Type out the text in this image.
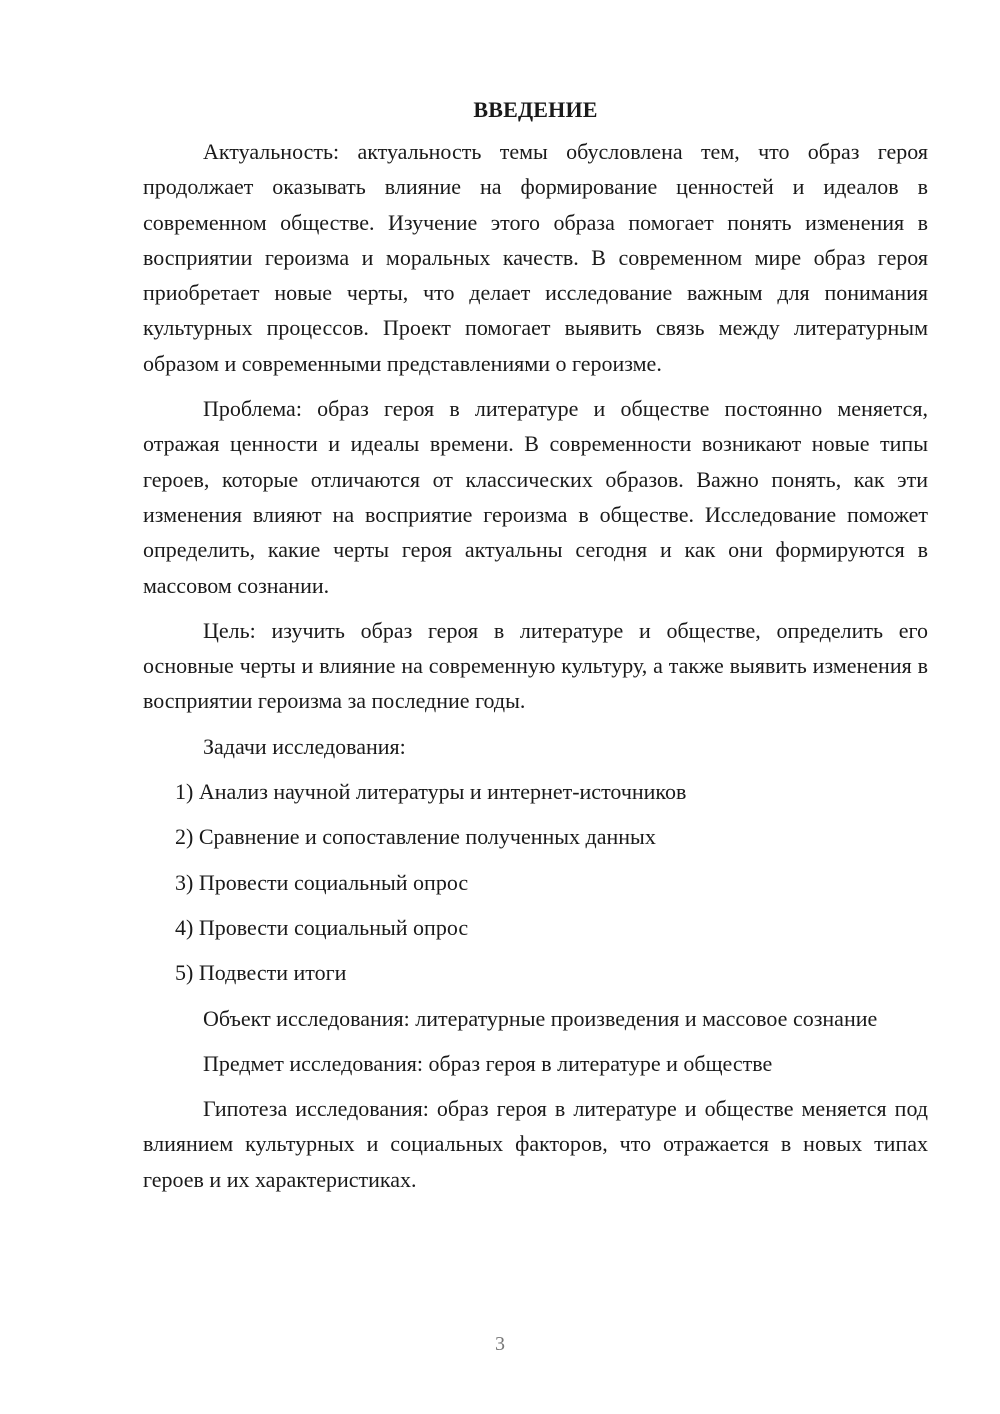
ВВЕДЕНИЕ

Актуальность: актуальность темы обусловлена тем, что образ героя продолжает оказывать влияние на формирование ценностей и идеалов в современном обществе. Изучение этого образа помогает понять изменения в восприятии героизма и моральных качеств. В современном мире образ героя приобретает новые черты, что делает исследование важным для понимания культурных процессов. Проект помогает выявить связь между литературным образом и современными представлениями о героизме.

Проблема: образ героя в литературе и обществе постоянно меняется, отражая ценности и идеалы времени. В современности возникают новые типы героев, которые отличаются от классических образов. Важно понять, как эти изменения влияют на восприятие героизма в обществе. Исследование поможет определить, какие черты героя актуальны сегодня и как они формируются в массовом сознании.

Цель: изучить образ героя в литературе и обществе, определить его основные черты и влияние на современную культуру, а также выявить изменения в восприятии героизма за последние годы.

Задачи исследования:

1) Анализ научной литературы и интернет-источников
2) Сравнение и сопоставление полученных данных
3) Провести социальный опрос
4) Провести социальный опрос
5) Подвести итоги

Объект исследования: литературные произведения и массовое сознание

Предмет исследования: образ героя в литературе и обществе

Гипотеза исследования: образ героя в литературе и обществе меняется под влиянием культурных и социальных факторов, что отражается в новых типах героев и их характеристиках.

3
